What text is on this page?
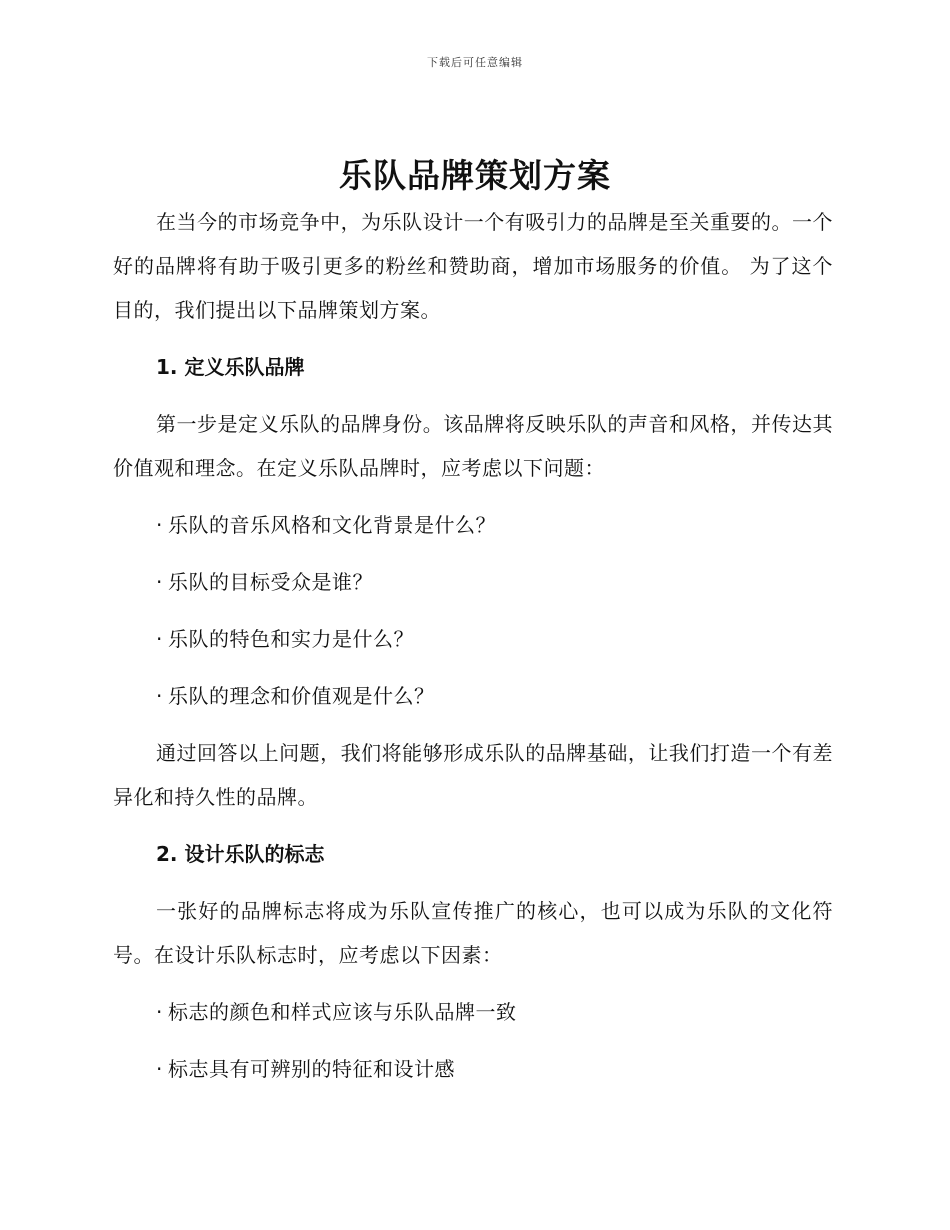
下载后可任意编辑
乐队品牌策划方案

在当今的市场竞争中，为乐队设计一个有吸引力的品牌是至关重要的。一个好的品牌将有助于吸引更多的粉丝和赞助商，增加市场服务的价值。 为了这个目的，我们提出以下品牌策划方案。

1. 定义乐队品牌

第一步是定义乐队的品牌身份。该品牌将反映乐队的声音和风格，并传达其价值观和理念。在定义乐队品牌时，应考虑以下问题：

· 乐队的音乐风格和文化背景是什么？
· 乐队的目标受众是谁？
· 乐队的特色和实力是什么？
· 乐队的理念和价值观是什么？

通过回答以上问题，我们将能够形成乐队的品牌基础，让我们打造一个有差异化和持久性的品牌。

2. 设计乐队的标志

一张好的品牌标志将成为乐队宣传推广的核心，也可以成为乐队的文化符号。在设计乐队标志时，应考虑以下因素：

· 标志的颜色和样式应该与乐队品牌一致
· 标志具有可辨别的特征和设计感
